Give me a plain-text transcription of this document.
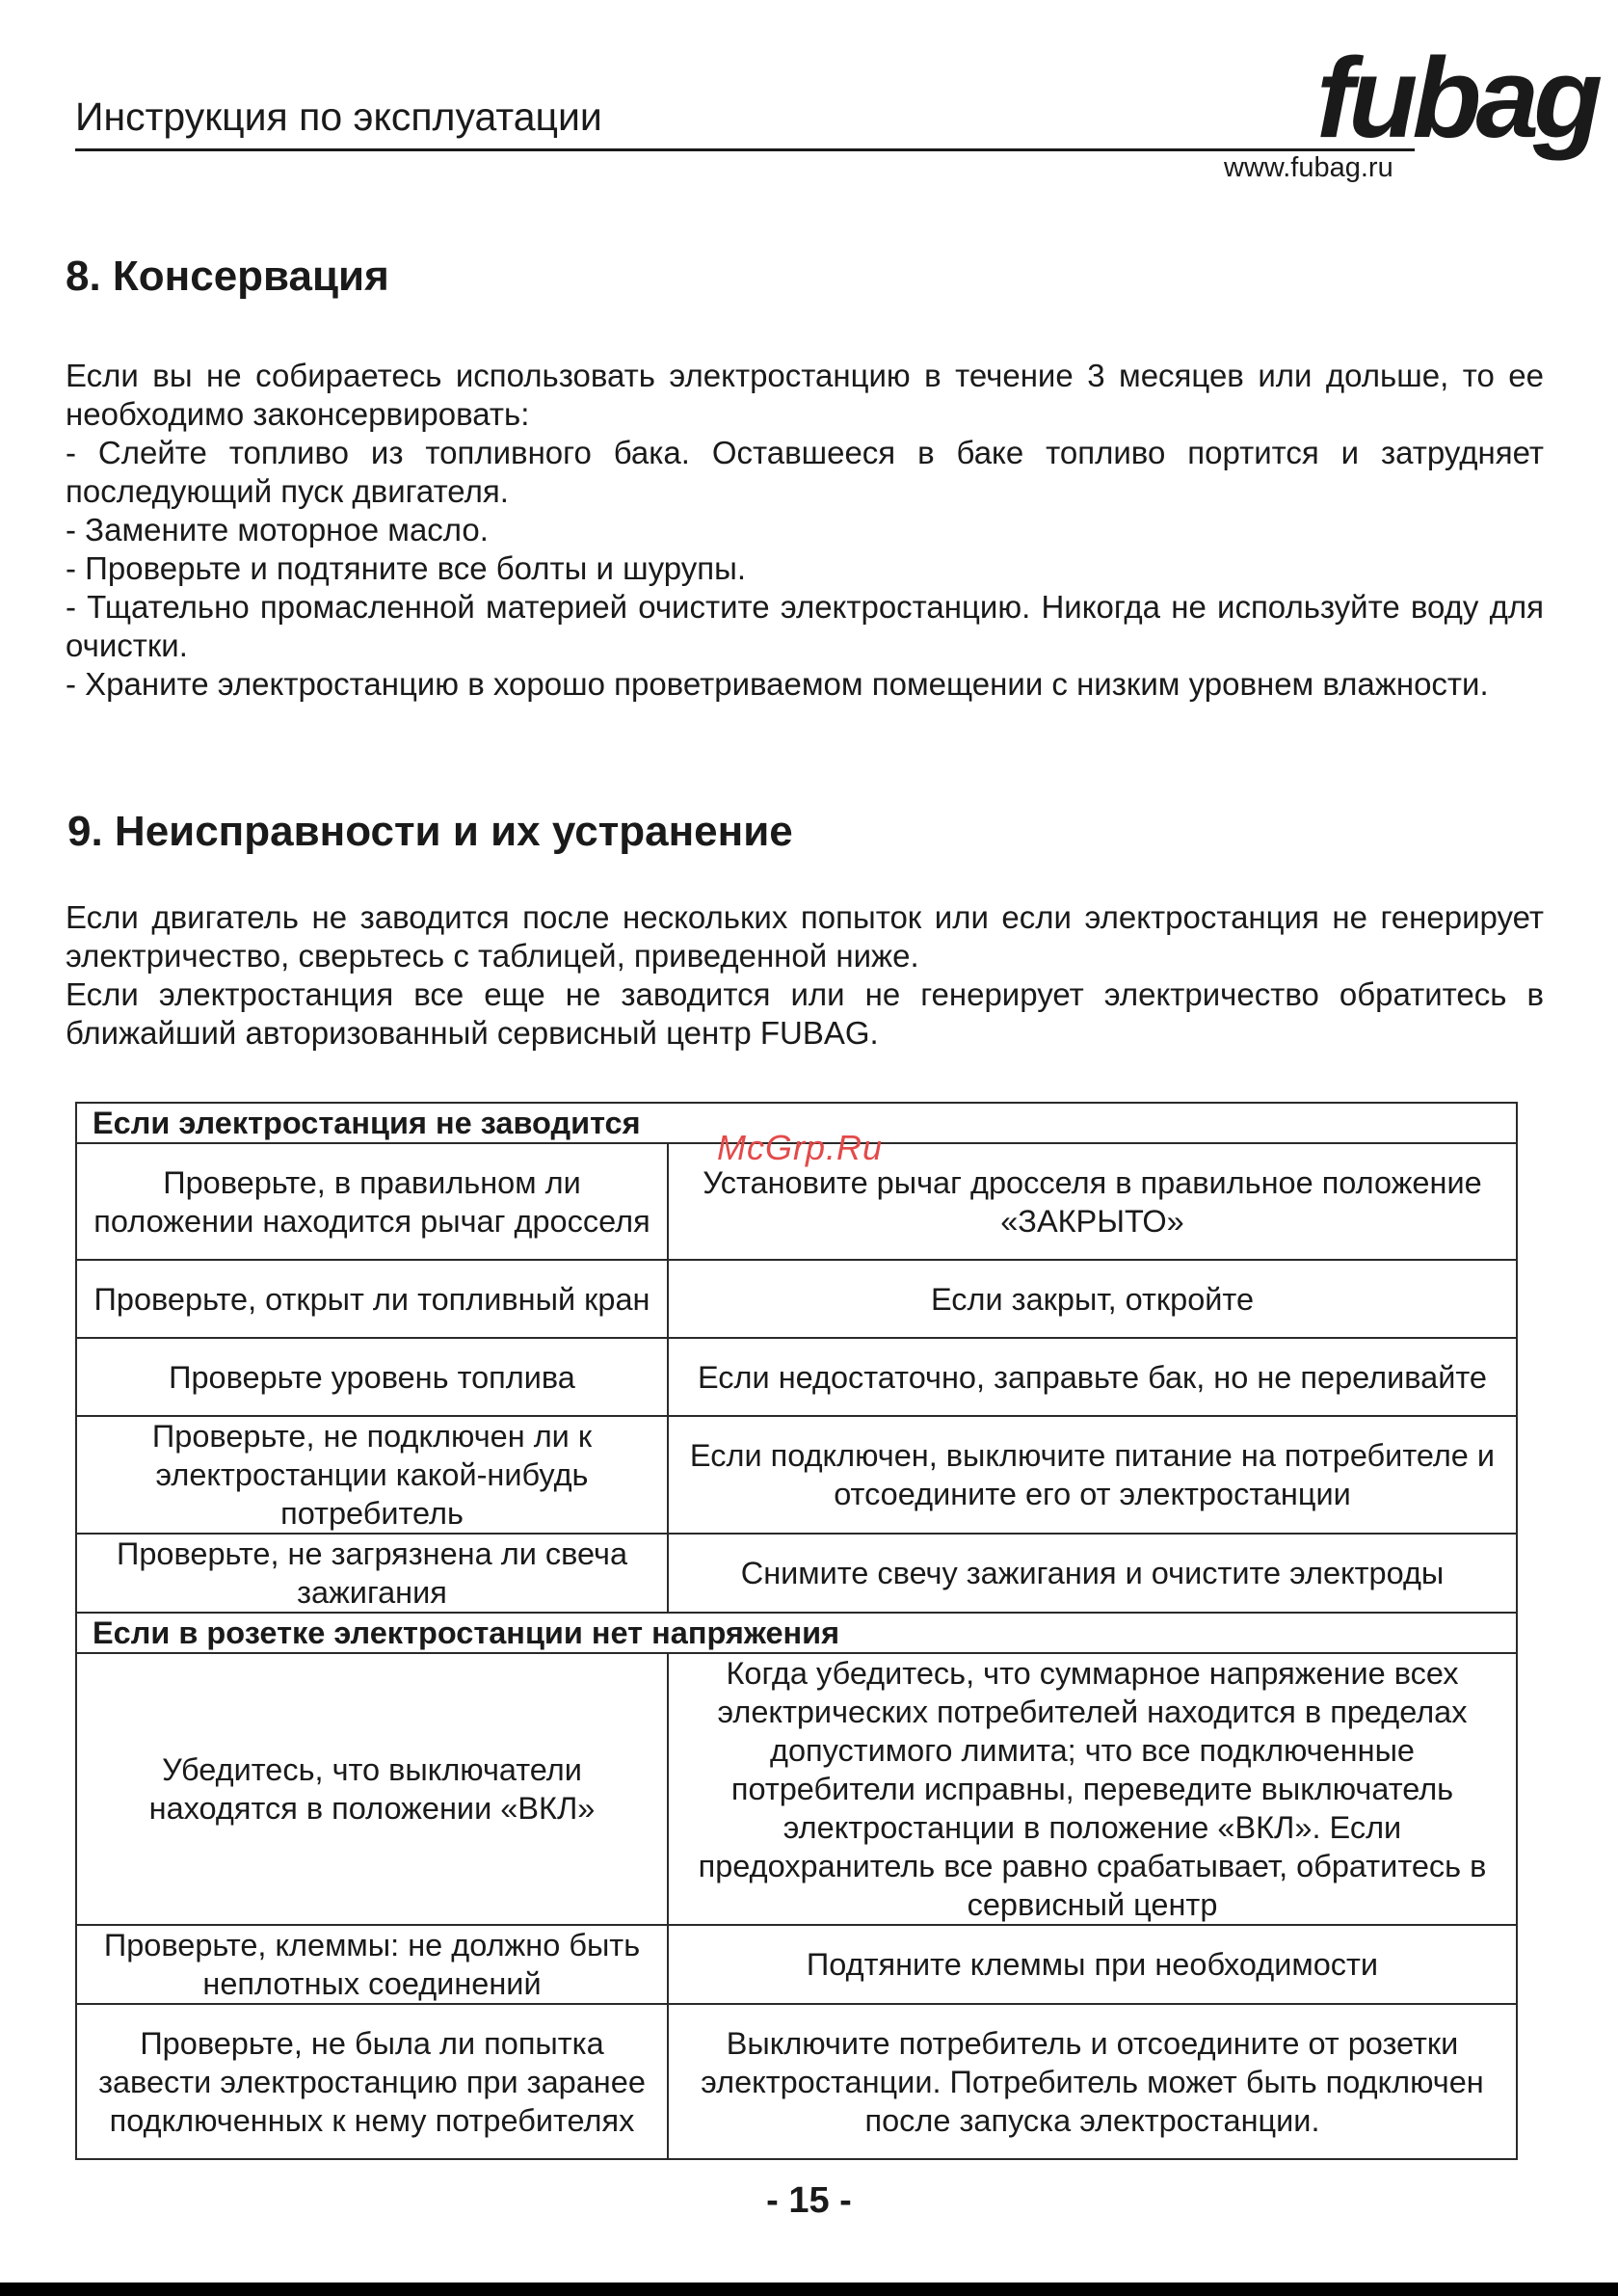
Инструкция по эксплуатации	fubag
www.fubag.ru
8. Консервация

Если вы не собираетесь использовать электростанцию в течение 3 месяцев или дольше, то ее необходимо законсервировать:

- Слейте топливо из топливного бака. Оставшееся в баке топливо портится и затрудняет последующий пуск двигателя.

- Замените моторное масло.

- Проверьте и подтяните все болты и шурупы.

- Тщательно промасленной материей очистите электростанцию. Никогда не используйте воду для очистки.

- Храните электростанцию в хорошо проветриваемом помещении с низким уровнем влажности.

9. Неисправности и их устранение

Если двигатель не заводится после нескольких попыток или если электростанция не генерирует электричество, сверьтесь с таблицей, приведенной ниже.

Если электростанция все еще не заводится или не генерирует электричество обратитесь в ближайший авторизованный сервисный центр FUBAG.

Если электростанция не заводится	
Проверьте, в правильном ли положении находится рычаг дросселя	Установите рычаг дросселя в правильное положение «ЗАКРЫТО»
Проверьте, открыт ли топливный кран	Если закрыт, откройте
Проверьте уровень топлива	Если недостаточно, заправьте бак, но не переливайте
Проверьте, не подключен ли к электростанции какой-нибудь потребитель	Если подключен, выключите питание на потребителе и отсоедините его от электростанции
Проверьте, не загрязнена ли свеча зажигания	Снимите свечу зажигания и очистите электроды
Если в розетке электростанции нет напряжения	
Убедитесь, что выключатели находятся в положении «ВКЛ»	Когда убедитесь, что суммарное напряжение всех электрических потребителей находится в пределах допустимого лимита; что все подключенные потребители исправны, переведите выключатель электростанции в положение «ВКЛ». Если предохранитель все равно срабатывает, обратитесь в сервисный центр
Проверьте, клеммы: не должно быть неплотных соединений	Подтяните клеммы при необходимости
Проверьте, не была ли попытка завести электростанцию при заранее подключенных к нему потребителях	Выключите потребитель и отсоедините от розетки электростанции. Потребитель может быть подключен после запуска электростанции.
McGrp.Ru
- 15 -
